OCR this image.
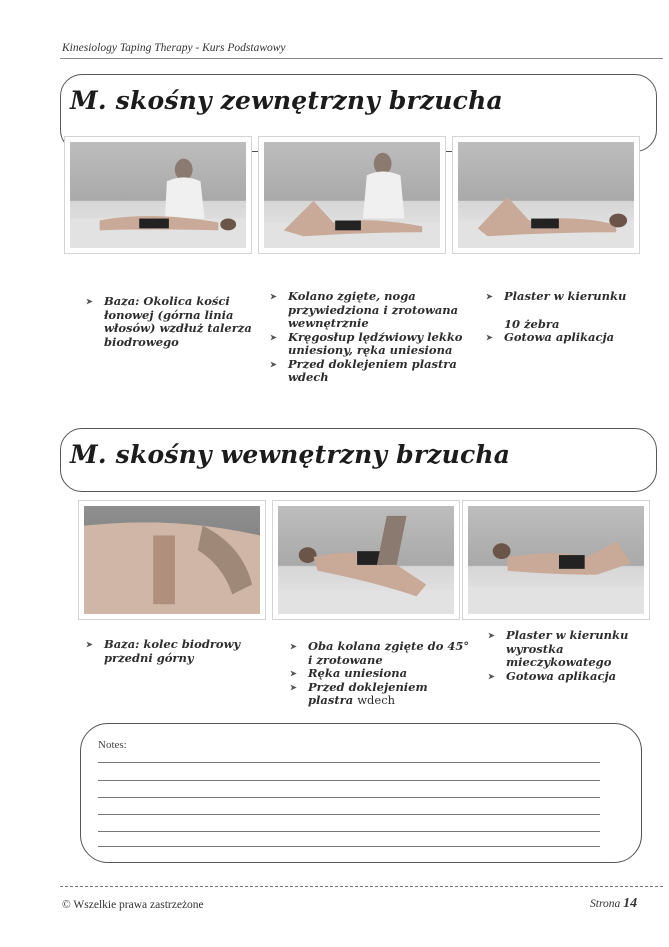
Kinesiology Taping Therapy - Kurs Podstawowy
M. skośny zewnętrzny brzucha
➤ Baza: Okolica kości łonowej (górna linia włosów) wzdłuż talerza biodrowego
➤ Kolano zgięte, noga przywiedziona i zrotowana wewnętrznie
➤ Kręgosłup lędźwiowy lekko uniesiony, ręka uniesiona
➤ Przed doklejeniem plastra wdech
➤ Plaster w kierunku
10 żebra
➤ Gotowa aplikacja
M. skośny wewnętrzny brzucha
➤ Baza: kolec biodrowy przedni górny
➤ Oba kolana zgięte do 45° i zrotowane
➤ Ręka uniesiona
➤ Przed doklejeniem plastra wdech
➤ Plaster w kierunku wyrostka mieczykowatego
➤ Gotowa aplikacja
Notes:
© Wszelkie prawa zastrzeżone	Strona 14
